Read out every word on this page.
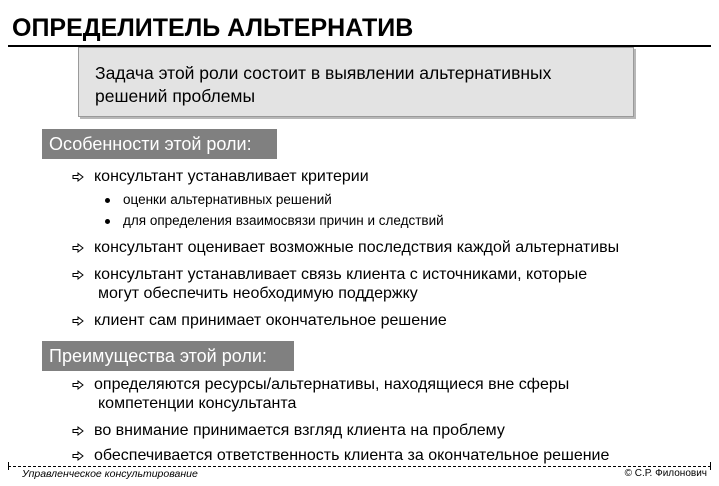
ОПРЕДЕЛИТЕЛЬ АЛЬТЕРНАТИВ
Задача этой роли состоит в выявлении альтернативных
решений проблемы
Особенности этой роли:
консультант устанавливает критерии
оценки альтернативных решений
для определения взаимосвязи причин и следствий
консультант оценивает возможные последствия каждой альтернативы
консультант устанавливает связь клиента с источниками, которые
могут обеспечить необходимую поддержку
клиент сам принимает окончательное решение
Преимущества этой роли:
определяются ресурсы/альтернативы, находящиеся вне сферы
компетенции консультанта
во внимание принимается взгляд клиента на проблему
обеспечивается ответственность клиента за окончательное решение
Управленческое консультирование	© С.Р. Филонович
